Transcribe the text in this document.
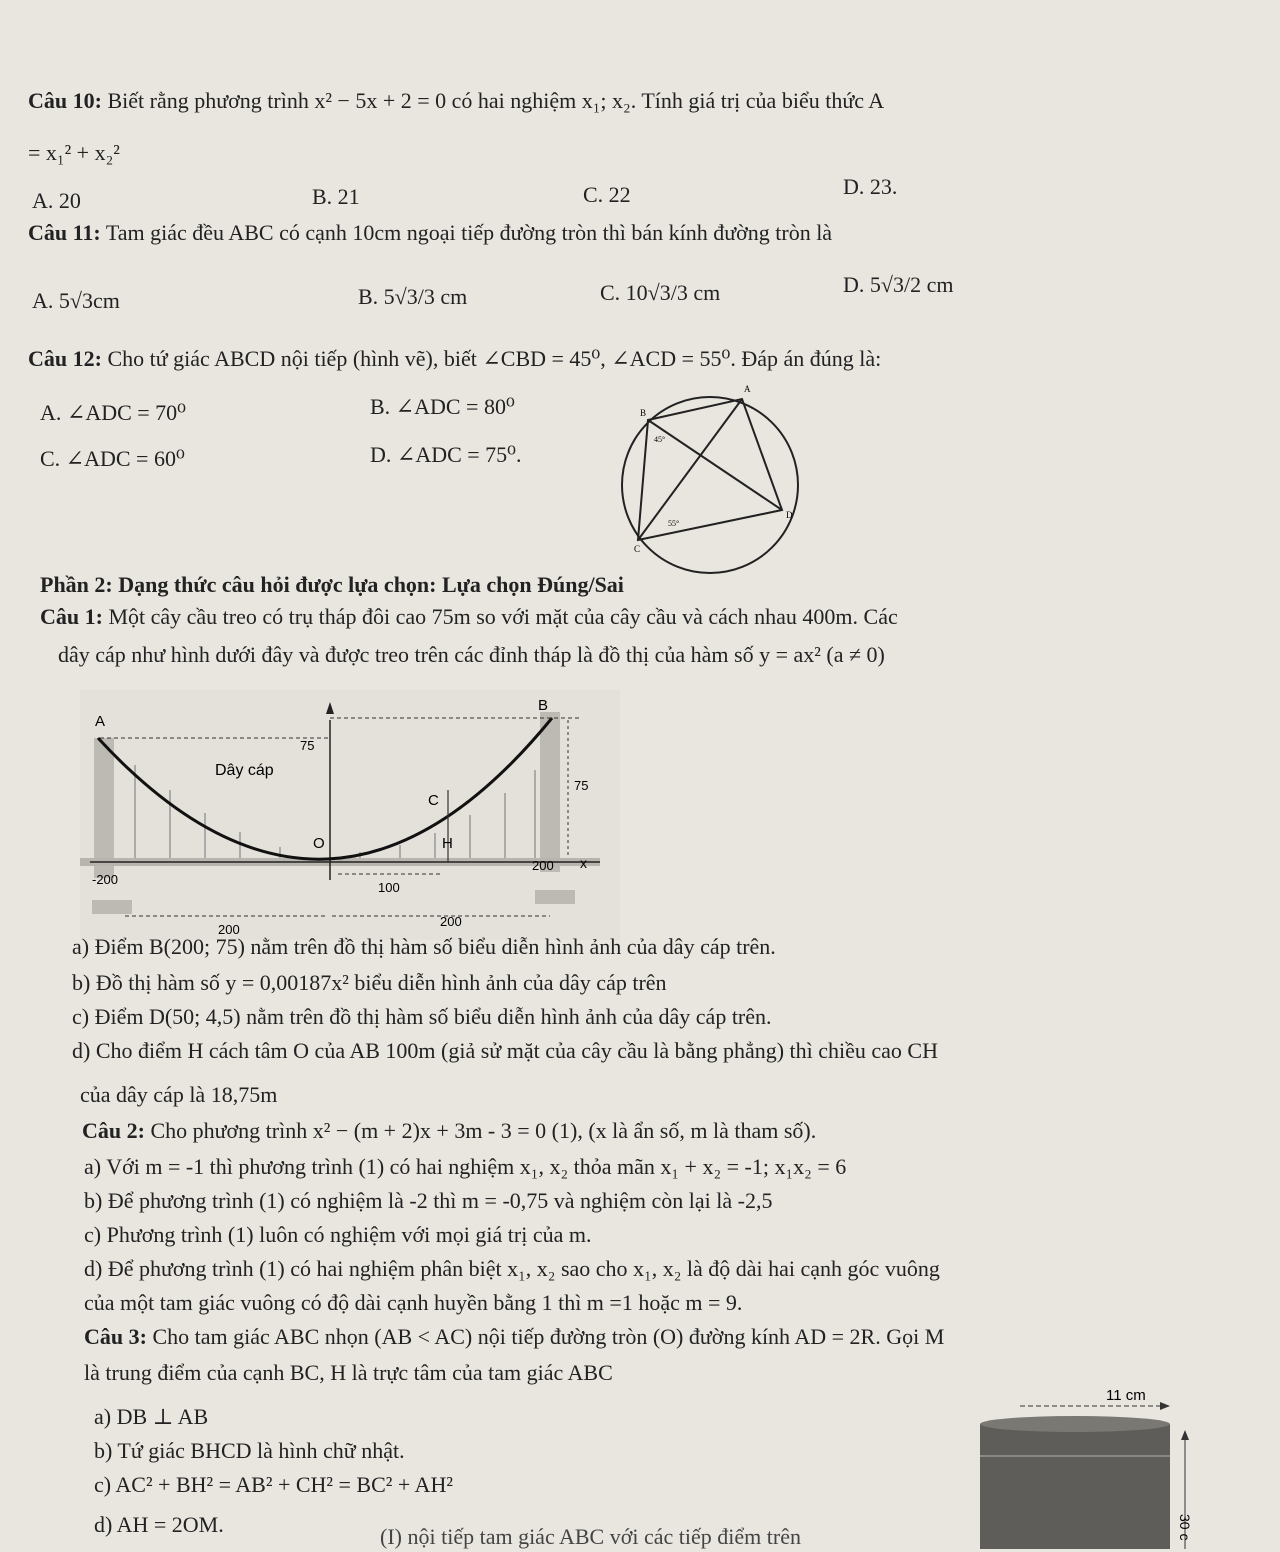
Câu 10: Biết rằng phương trình x² − 5x + 2 = 0 có hai nghiệm x₁; x₂. Tính giá trị của biểu thức A
= x₁² + x₂²
A. 20	B. 21	C. 22	D. 23.
Câu 11: Tam giác đều ABC có cạnh 10cm ngoại tiếp đường tròn thì bán kính đường tròn là
A. 5√3cm	B. 5√3/3 cm	C. 10√3/3 cm	D. 5√3/2 cm
Câu 12: Cho tứ giác ABCD nội tiếp (hình vẽ), biết ∠CBD = 45⁰, ∠ACD = 55⁰. Đáp án đúng là:
A. ∠ADC = 70⁰	B. ∠ADC = 80⁰
C. ∠ADC = 60⁰	D. ∠ADC = 75⁰.
A
B
45°
D
55°
C
Phần 2: Dạng thức câu hỏi được lựa chọn: Lựa chọn Đúng/Sai
Câu 1: Một cây cầu treo có trụ tháp đôi cao 75m so với mặt của cây cầu và cách nhau 400m. Các
dây cáp như hình dưới đây và được treo trên các đỉnh tháp là đồ thị của hàm số y = ax² (a ≠ 0)
A
B
C
O	H
Dây cáp
x
75
75
-200
200
100
200
200
a) Điểm B(200; 75) nằm trên đồ thị hàm số biểu diễn hình ảnh của dây cáp trên.
b) Đồ thị hàm số y = 0,00187x² biểu diễn hình ảnh của dây cáp trên
c) Điểm D(50; 4,5) nằm trên đồ thị hàm số biểu diễn hình ảnh của dây cáp trên.
d) Cho điểm H cách tâm O của AB 100m (giả sử mặt của cây cầu là bằng phẳng) thì chiều cao CH
của dây cáp là 18,75m
Câu 2: Cho phương trình x² − (m + 2)x + 3m - 3 = 0 (1), (x là ẩn số, m là tham số).
a) Với m = -1 thì phương trình (1) có hai nghiệm x₁, x₂ thỏa mãn x₁ + x₂ = -1; x₁x₂ = 6
b) Để phương trình (1) có nghiệm là -2 thì m = -0,75 và nghiệm còn lại là -2,5
c) Phương trình (1) luôn có nghiệm với mọi giá trị của m.
d) Để phương trình (1) có hai nghiệm phân biệt x₁, x₂ sao cho x₁, x₂ là độ dài hai cạnh góc vuông
của một tam giác vuông có độ dài cạnh huyền bằng 1 thì m =1 hoặc m = 9.
Câu 3: Cho tam giác ABC nhọn (AB < AC) nội tiếp đường tròn (O) đường kính AD = 2R. Gọi M
là trung điểm của cạnh BC, H là trực tâm của tam giác ABC
a) DB ⊥ AB
b) Tứ giác BHCD là hình chữ nhật.
c) AC² + BH² = AB² + CH² = BC² + AH²
d) AH = 2OM.	(I) nội tiếp tam giác ABC với các tiếp điểm trên
11 cm
30 c
